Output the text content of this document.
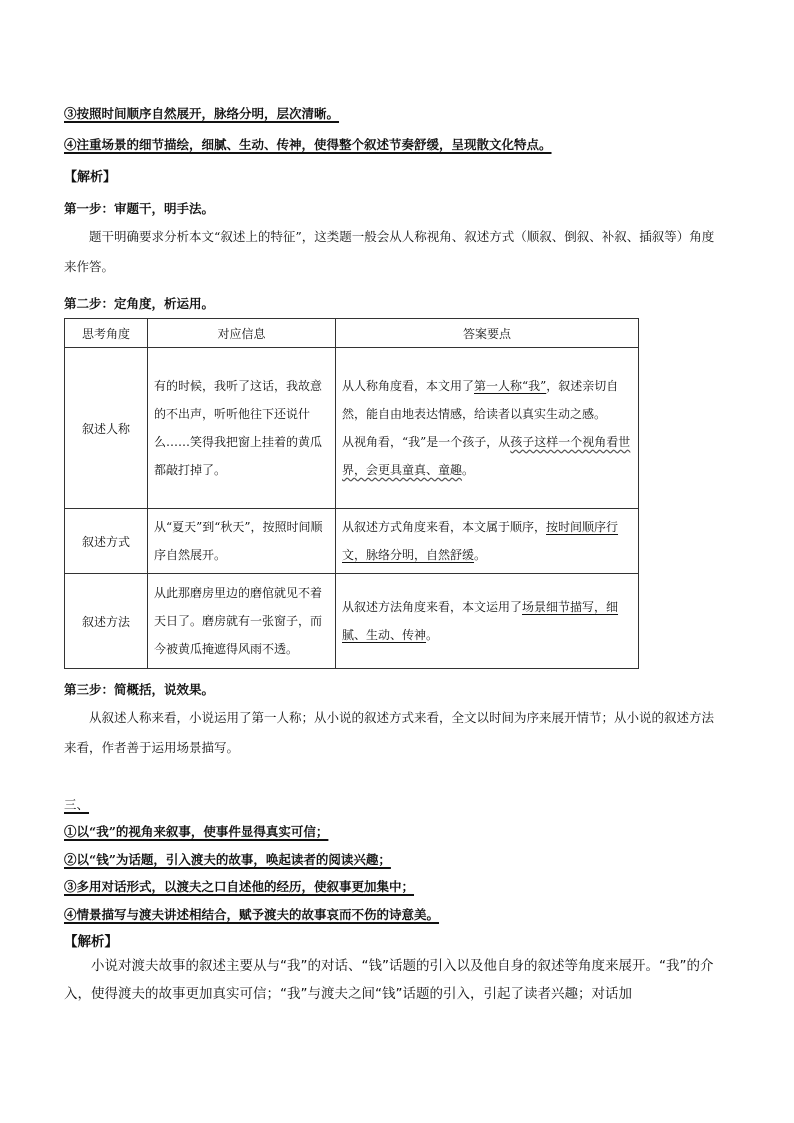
③按照时间顺序自然展开，脉络分明，层次清晰。
④注重场景的细节描绘，细腻、生动、传神，使得整个叙述节奏舒缓，呈现散文化特点。
【解析】
第一步：审题干，明手法。

题干明确要求分析本文“叙述上的特征”，这类题一般会从人称视角、叙述方式（顺叙、倒叙、补叙、插叙等）角度来作答。

第二步：定角度，析运用。
思考角度	对应信息	答案要点
叙述人称	有的时候，我听了这话，我故意的不出声，听听他往下还说什么……笑得我把窗上挂着的黄瓜都敲打掉了。	从人称角度看，本文用了第一人称“我”，叙述亲切自然，能自由地表达情感，给读者以真实生动之感。
从视角看，“我”是一个孩子，从孩子这样一个视角看世界，会更具童真、童趣。

叙述方式	从“夏天”到“秋天”，按照时间顺序自然展开。	从叙述方式角度来看，本文属于顺序，按时间顺序行文，脉络分明，自然舒缓。
叙述方法	从此那磨房里边的磨倌就见不着天日了。磨房就有一张窗子，而今被黄瓜掩遮得风雨不透。	从叙述方法角度来看，本文运用了场景细节描写，细腻、生动、传神。
第三步：简概括，说效果。

从叙述人称来看，小说运用了第一人称；从小说的叙述方式来看，全文以时间为序来展开情节；从小说的叙述方法来看，作者善于运用场景描写。

三、
①以“我”的视角来叙事，使事件显得真实可信；
②以“钱”为话题，引入渡夫的故事，唤起读者的阅读兴趣；
③多用对话形式，以渡夫之口自述他的经历，使叙事更加集中；
④情景描写与渡夫讲述相结合，赋予渡夫的故事哀而不伤的诗意美。
【解析】

小说对渡夫故事的叙述主要从与“我”的对话、“钱”话题的引入以及他自身的叙述等角度来展开。“我”的介入，使得渡夫的故事更加真实可信；“我”与渡夫之间“钱”话题的引入，引起了读者兴趣；对话加
